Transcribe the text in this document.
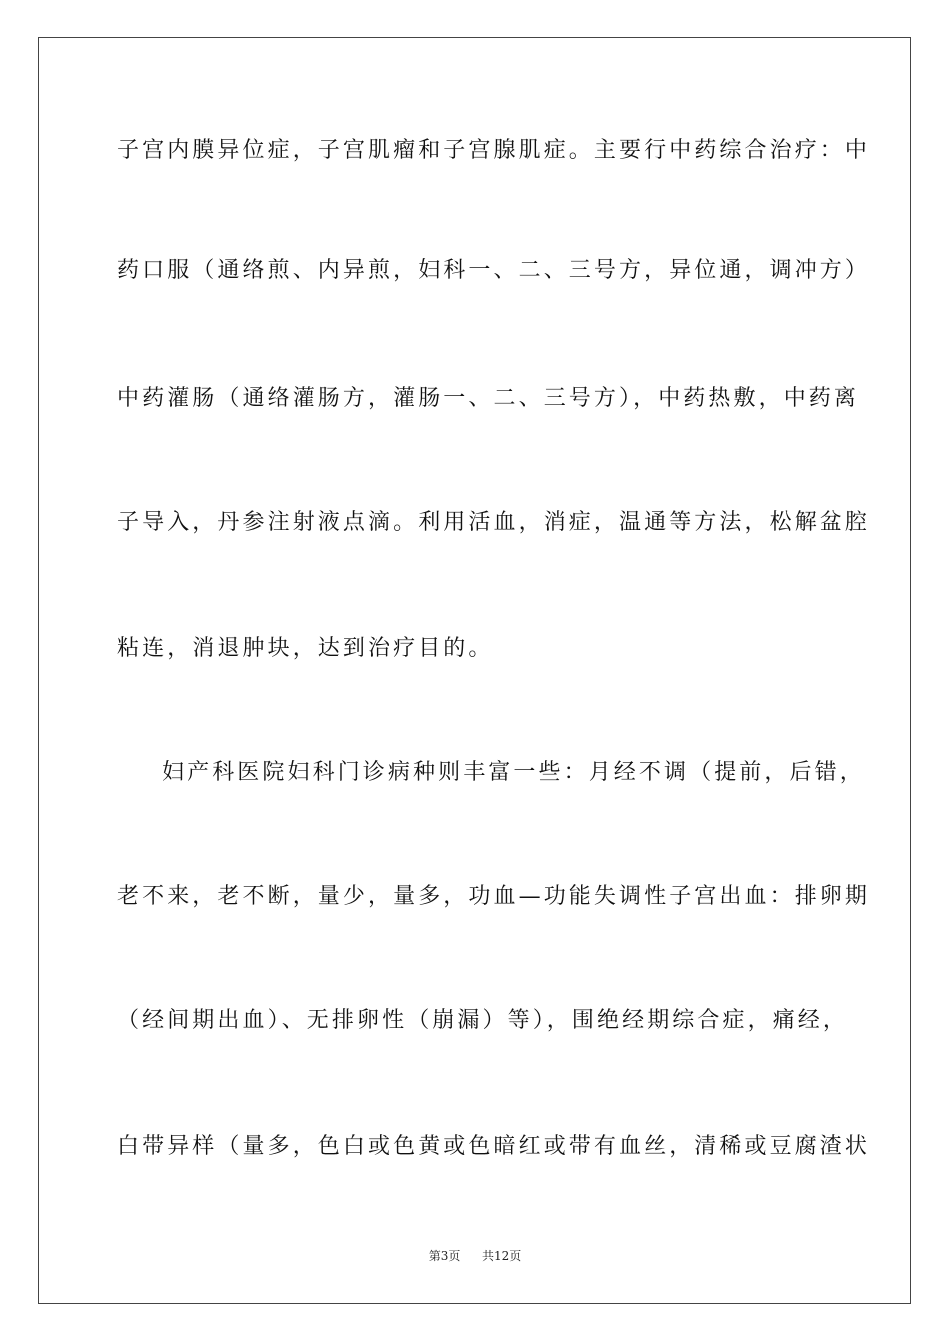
子宫内膜异位症，子宫肌瘤和子宫腺肌症。主要行中药综合治疗：中
药口服（通络煎、内异煎，妇科一、二、三号方，异位通，调冲方）
中药灌肠（通络灌肠方，灌肠一、二、三号方），中药热敷，中药离
子导入，丹参注射液点滴。利用活血，消症，温通等方法，松解盆腔
粘连，消退肿块，达到治疗目的。
妇产科医院妇科门诊病种则丰富一些：月经不调（提前，后错，
老不来，老不断，量少，量多，功血—功能失调性子宫出血：排卵期
（经间期出血）、无排卵性（崩漏）等），围绝经期综合症，痛经，
白带异样（量多，色白或色黄或色暗红或带有血丝，清稀或豆腐渣状
第3页 共12页
